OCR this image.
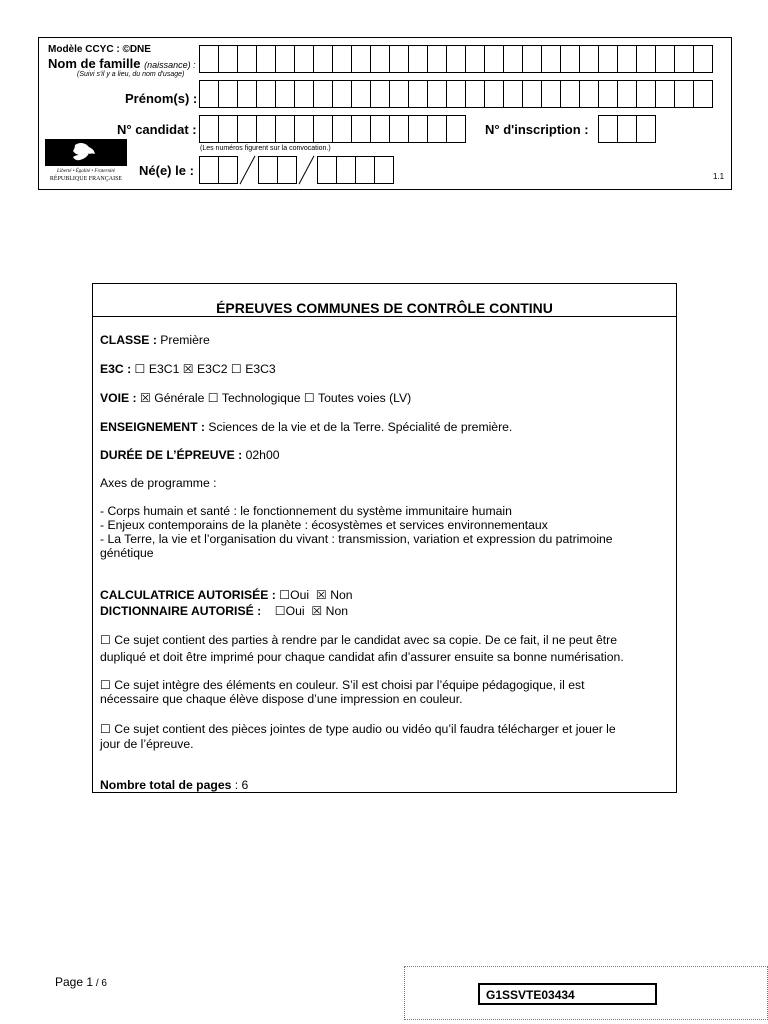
Modèle CCYC : ©DNE
Nom de famille (naissance) :
(Suivi s'il y a lieu, du nom d'usage)
Prénom(s) :
N° candidat :
(Les numéros figurent sur la convocation.)
N° d'inscription :
Né(e) le :	1.1
Liberté • Égalité • Fraternité
RÉPUBLIQUE FRANÇAISE
ÉPREUVES COMMUNES DE CONTRÔLE CONTINU
CLASSE : Première
E3C : ☐ E3C1 ☒ E3C2 ☐ E3C3
VOIE : ☒ Générale ☐ Technologique ☐ Toutes voies (LV)
ENSEIGNEMENT : Sciences de la vie et de la Terre. Spécialité de première.
DURÉE DE L’ÉPREUVE : 02h00
Axes de programme :
- Corps humain et santé : le fonctionnement du système immunitaire humain
- Enjeux contemporains de la planète : écosystèmes et services environnementaux
- La Terre, la vie et l’organisation du vivant : transmission, variation et expression du patrimoine
génétique
CALCULATRICE AUTORISÉE : ☐Oui  ☒ Non
DICTIONNAIRE AUTORISÉ :    ☐Oui  ☒ Non
☐ Ce sujet contient des parties à rendre par le candidat avec sa copie. De ce fait, il ne peut être
dupliqué et doit être imprimé pour chaque candidat afin d’assurer ensuite sa bonne numérisation.
☐ Ce sujet intègre des éléments en couleur. S’il est choisi par l’équipe pédagogique, il est
nécessaire que chaque élève dispose d’une impression en couleur.
☐ Ce sujet contient des pièces jointes de type audio ou vidéo qu’il faudra télécharger et jouer le
jour de l’épreuve.
Nombre total de pages : 6
Page 1 / 6
G1SSVTE03434
